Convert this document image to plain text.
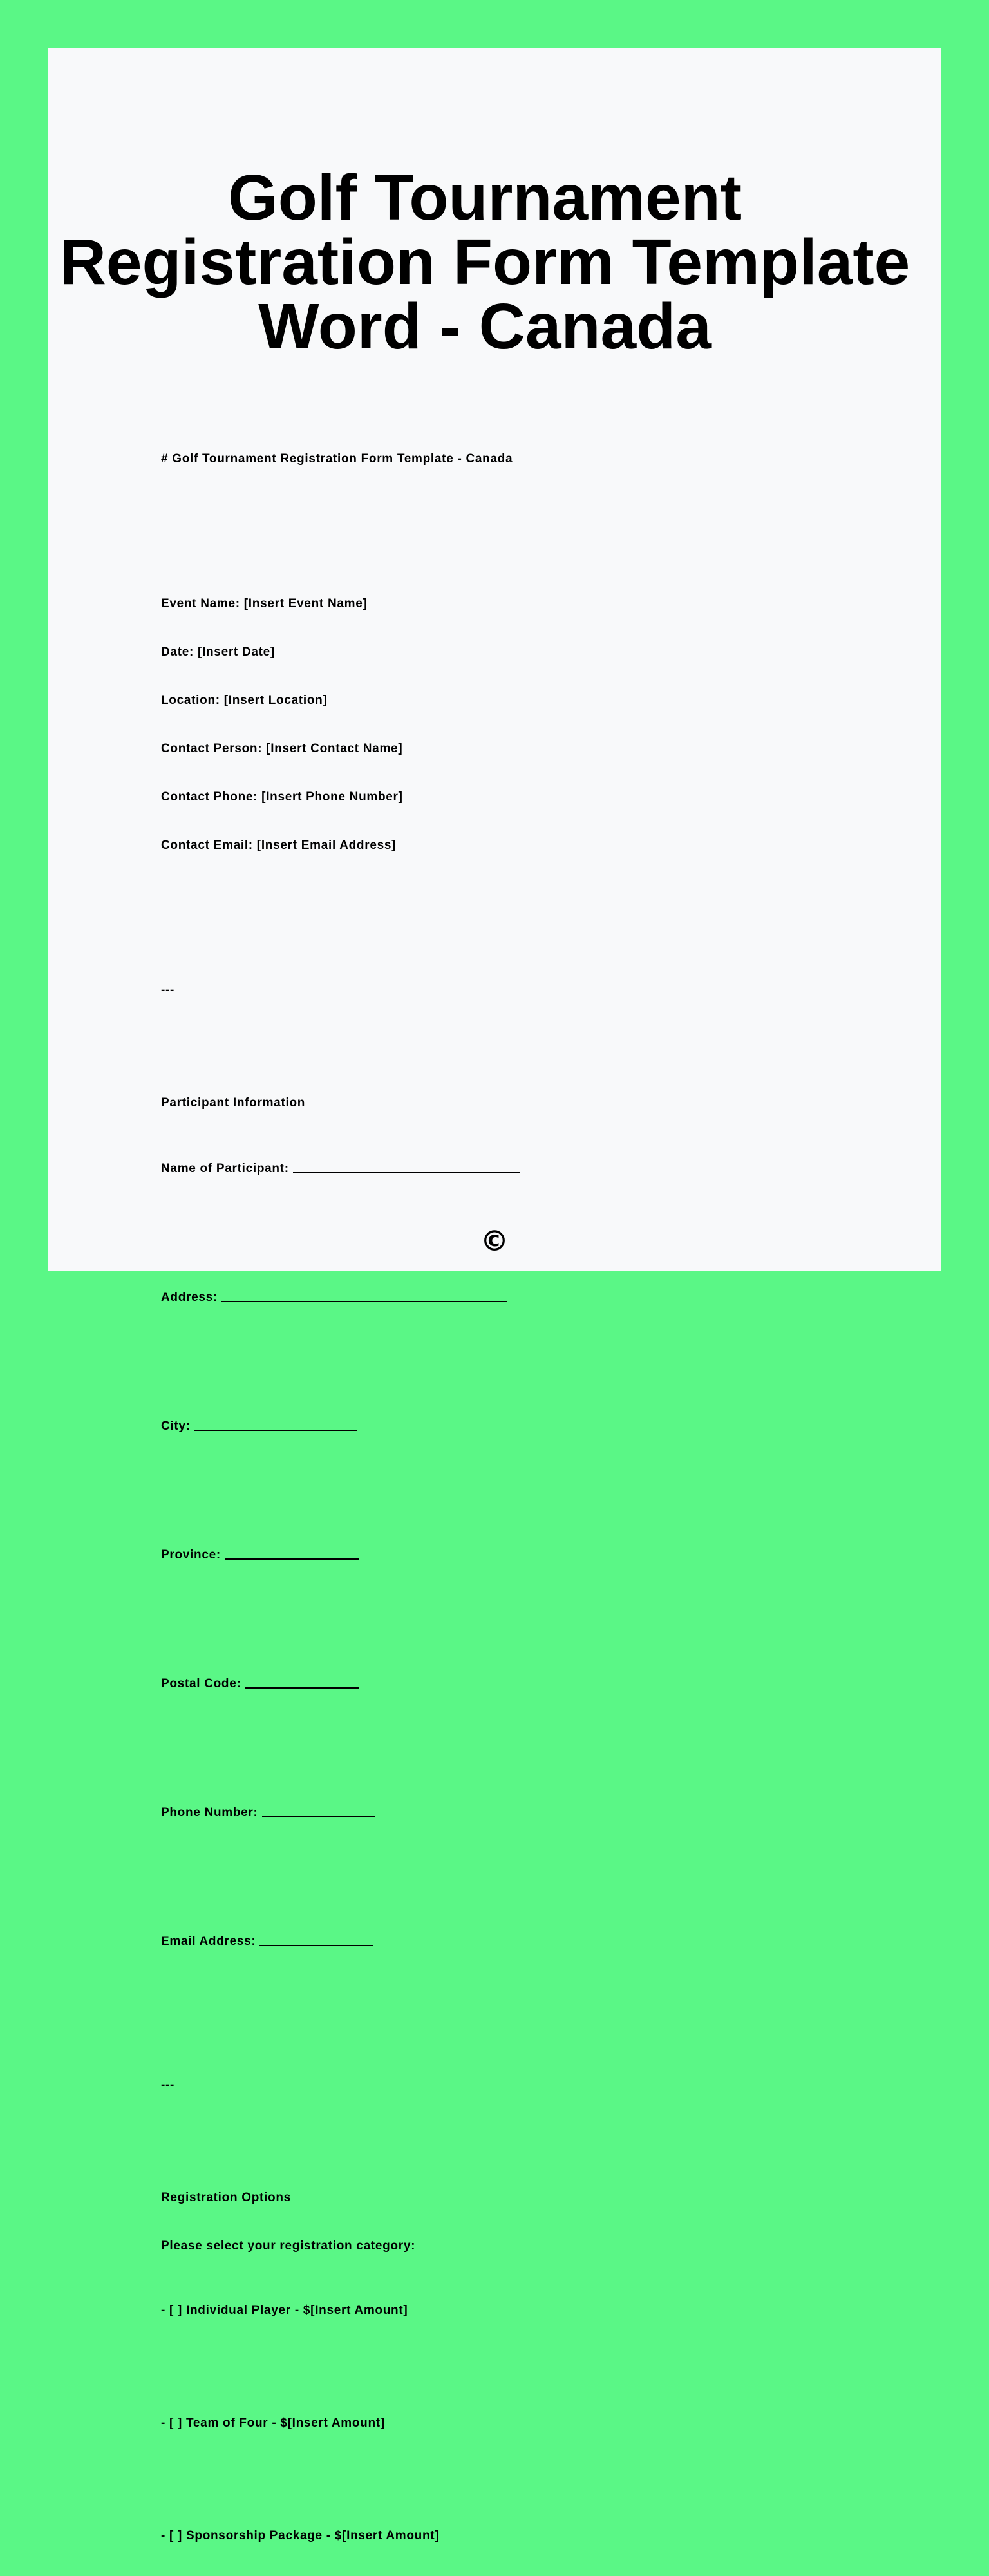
Golf Tournament
Registration Form Template
Word - Canada

# Golf Tournament Registration Form Template - Canada

Event Name: [Insert Event Name]

Date: [Insert Date]

Location: [Insert Location]

Contact Person: [Insert Contact Name]

Contact Phone: [Insert Phone Number]

Contact Email: [Insert Email Address]

---

Participant Information

Name of Participant:

Address:

City:

Province:

Postal Code:

Phone Number:

Email Address:

---

Registration Options

Please select your registration category:

- [ ] Individual Player - $[Insert Amount]

- [ ] Team of Four - $[Insert Amount]

- [ ] Sponsorship Package - $[Insert Amount]

©
